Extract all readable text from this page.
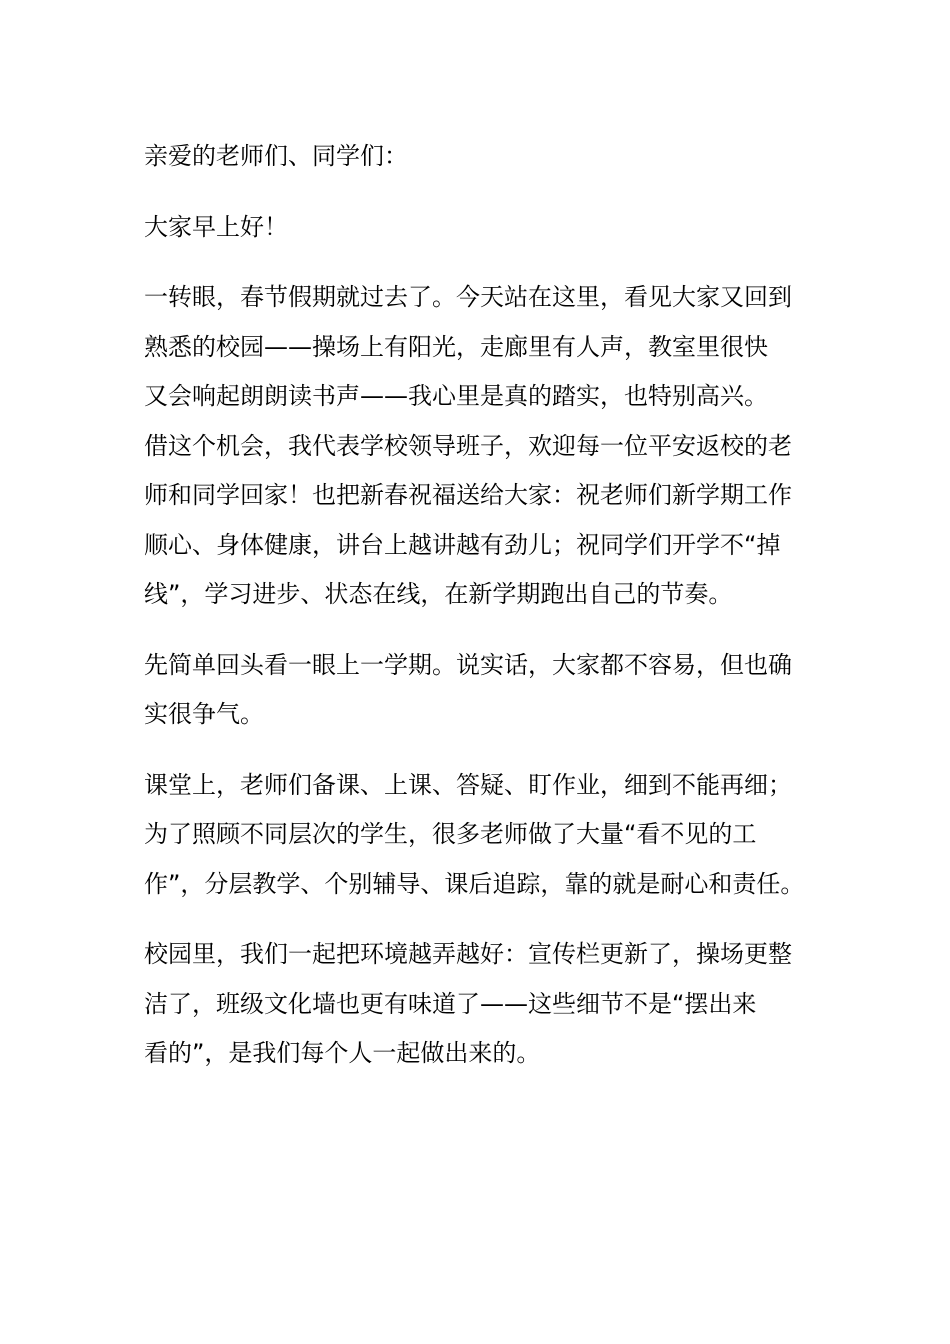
亲爱的老师们、同学们：

大家早上好！

一转眼，春节假期就过去了。今天站在这里，看见大家又回到
熟悉的校园——操场上有阳光，走廊里有人声，教室里很快
又会响起朗朗读书声——我心里是真的踏实，也特别高兴。

借这个机会，我代表学校领导班子，欢迎每一位平安返校的老
师和同学回家！也把新春祝福送给大家：祝老师们新学期工作
顺心、身体健康，讲台上越讲越有劲儿；祝同学们开学不“掉
线”，学习进步、状态在线，在新学期跑出自己的节奏。

先简单回头看一眼上一学期。说实话，大家都不容易，但也确
实很争气。

课堂上，老师们备课、上课、答疑、盯作业，细到不能再细；
为了照顾不同层次的学生，很多老师做了大量“看不见的工
作”，分层教学、个别辅导、课后追踪，靠的就是耐心和责任。

校园里，我们一起把环境越弄越好：宣传栏更新了，操场更整
洁了，班级文化墙也更有味道了——这些细节不是“摆出来
看的”，是我们每个人一起做出来的。
